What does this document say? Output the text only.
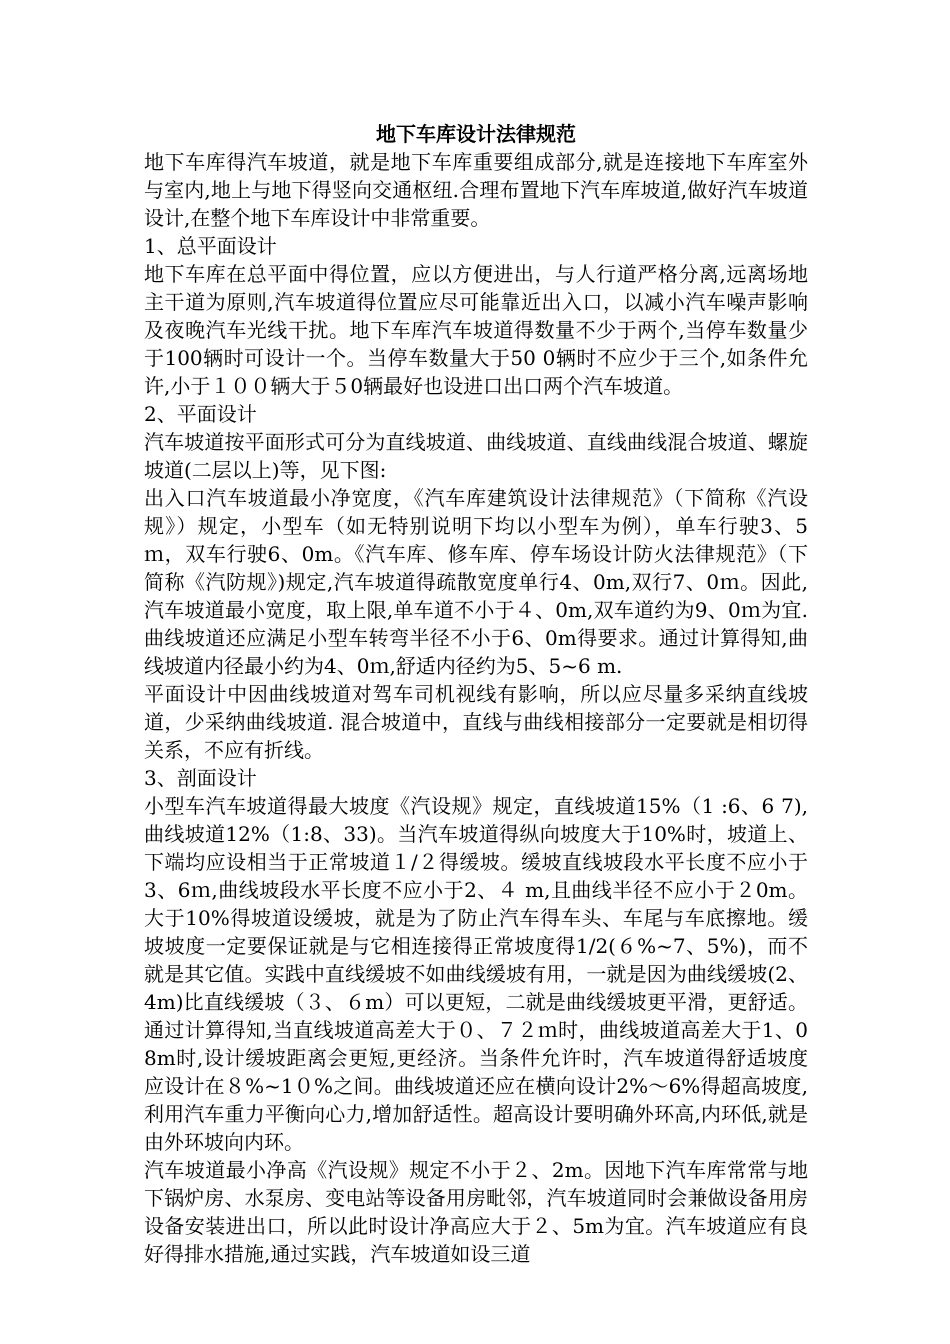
地下车库设计法律规范

地下车库得汽车坡道，就是地下车库重要组成部分,就是连接地下车库室外与室内,地上与地下得竖向交通枢纽.合理布置地下汽车库坡道,做好汽车坡道设计,在整个地下车库设计中非常重要。

1、总平面设计

地下车库在总平面中得位置，应以方便进出，与人行道严格分离,远离场地主干道为原则,汽车坡道得位置应尽可能靠近出入口，以减小汽车噪声影响及夜晚汽车光线干扰。地下车库汽车坡道得数量不少于两个,当停车数量少于100辆时可设计一个。当停车数量大于50 0辆时不应少于三个,如条件允许,小于１００辆大于５0辆最好也设进口出口两个汽车坡道。

2、平面设计

汽车坡道按平面形式可分为直线坡道、曲线坡道、直线曲线混合坡道、螺旋坡道(二层以上)等，见下图:

出入口汽车坡道最小净宽度，《汽车库建筑设计法律规范》（下简称《汽设规》）规定，小型车（如无特别说明下均以小型车为例），单车行驶3、5ｍ，双车行驶6、0m。《汽车库、修车库、停车场设计防火法律规范》（下简称《汽防规》)规定,汽车坡道得疏散宽度单行4、0m,双行7、0ｍ。因此,汽车坡道最小宽度，取上限,单车道不小于４、0m,双车道约为9、0ｍ为宜.曲线坡道还应满足小型车转弯半径不小于6、0m得要求。通过计算得知,曲线坡道内径最小约为4、0ｍ,舒适内径约为5、5~6 m.

平面设计中因曲线坡道对驾车司机视线有影响，所以应尽量多采纳直线坡道，少采纳曲线坡道. 混合坡道中，直线与曲线相接部分一定要就是相切得关系，不应有折线。

3、剖面设计

小型车汽车坡道得最大坡度《汽设规》规定，直线坡道15%（1 :6、6 7),曲线坡道12%（1:8、33)。当汽车坡道得纵向坡度大于10%时，坡道上、下端均应设相当于正常坡道１/２得缓坡。缓坡直线坡段水平长度不应小于3、6ｍ,曲线坡段水平长度不应小于2、４ m,且曲线半径不应小于２0m。大于10%得坡道设缓坡，就是为了防止汽车得车头、车尾与车底擦地。缓坡坡度一定要保证就是与它相连接得正常坡度得1/2(６%~7、5%)，而不就是其它值。实践中直线缓坡不如曲线缓坡有用，一就是因为曲线缓坡(2、4m)比直线缓坡（３、６m）可以更短，二就是曲线缓坡更平滑，更舒适。通过计算得知,当直线坡道高差大于０、７２ｍ时，曲线坡道高差大于1、0 8m时,设计缓坡距离会更短,更经济。当条件允许时，汽车坡道得舒适坡度应设计在８%~1０%之间。曲线坡道还应在横向设计2%～6%得超高坡度,利用汽车重力平衡向心力,增加舒适性。超高设计要明确外环高,内环低,就是由外环坡向内环。

汽车坡道最小净高《汽设规》规定不小于２、2m。因地下汽车库常常与地下锅炉房、水泵房、变电站等设备用房毗邻，汽车坡道同时会兼做设备用房设备安装进出口，所以此时设计净高应大于２、5m为宜。汽车坡道应有良好得排水措施,通过实践，汽车坡道如设三道
